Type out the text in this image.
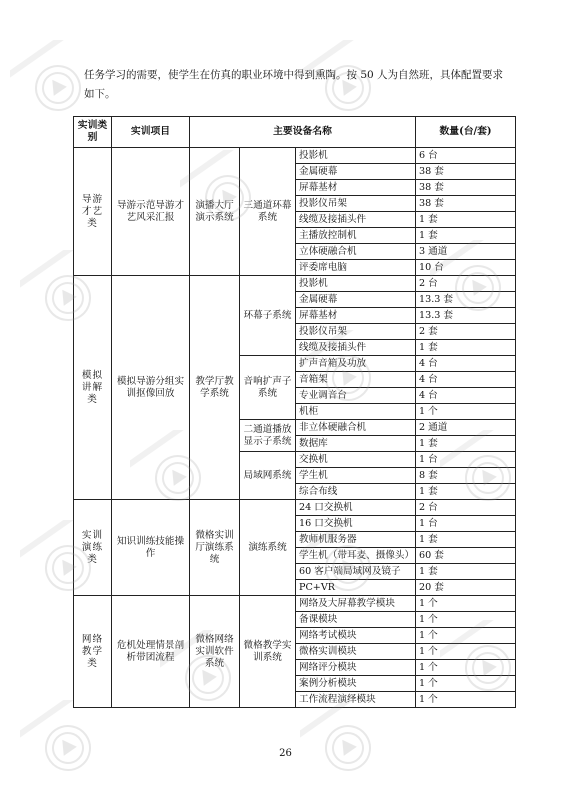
任务学习的需要，使学生在仿真的职业环境中得到熏陶。按 50 人为自然班，具体配置要求
如下。
实训类别	实训项目	主要设备名称			数量(台/套)
导游才艺类	导游示范导游才艺风采汇报	演播大厅演示系统	三通道环幕系统	投影机	6 台
				金属硬幕	38 套
				屏幕基材	38 套
				投影仪吊架	38 套
				线缆及接插头件	1 套
				主播放控制机	1 套
				立体硬融合机	3 通道
				评委席电脑	10 台
模拟讲解类	模拟导游分组实训抠像回放	教学厅教学系统	环幕子系统	投影机	2 台
				金属硬幕	13.3 套
				屏幕基材	13.3 套
				投影仪吊架	2 套
				线缆及接插头件	1 套
			音响扩声子系统	扩声音箱及功放	4 台
				音箱架	4 台
				专业调音台	4 台
				机柜	1 个
			二通道播放显示子系统	非立体硬融合机	2 通道
				数据库	1 套
			局域网系统	交换机	1 台
				学生机	8 套
				综合布线	1 套
实训演练类	知识训练技能操作	微格实训厅演练系统	演练系统	24 口交换机	2 台
				16 口交换机	1 台
				教师机服务器	1 套
				学生机（带耳麦、摄像头）	60 套
				60 客户端局域网及镜子	1 套
				PC+VR	20 套
网络教学类	危机处理情景剖析带团流程	微格网络实训软件系统	微格教学实训系统	网络及大屏幕教学模块	1 个
				备课模块	1 个
				网络考试模块	1 个
				微格实训模块	1 个
				网络评分模块	1 个
				案例分析模块	1 个
				工作流程演绎模块	1 个
26
